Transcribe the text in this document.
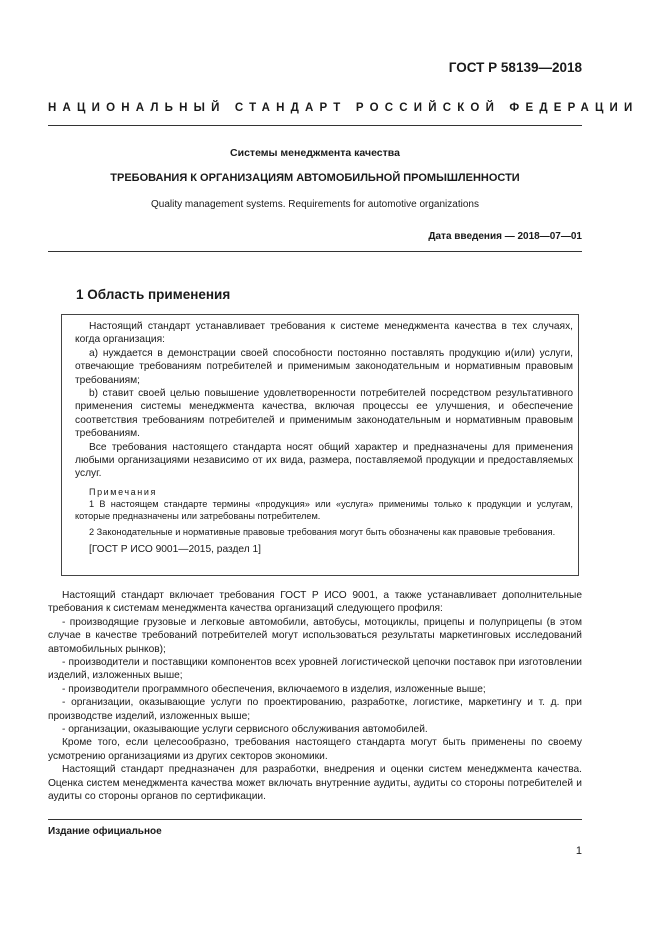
ГОСТ Р 58139—2018
НАЦИОНАЛЬНЫЙ СТАНДАРТ РОССИЙСКОЙ ФЕДЕРАЦИИ
Системы менеджмента качества
ТРЕБОВАНИЯ К ОРГАНИЗАЦИЯМ АВТОМОБИЛЬНОЙ ПРОМЫШЛЕННОСТИ
Quality management systems. Requirements for automotive organizations
Дата введения — 2018—07—01
1 Область применения

Настоящий стандарт устанавливает требования к системе менеджмента качества в тех случаях, когда организация:

a) нуждается в демонстрации своей способности постоянно поставлять продукцию и(или) услуги, отвечающие требованиям потребителей и применимым законодательным и нормативным правовым требованиям;

b) ставит своей целью повышение удовлетворенности потребителей посредством результативного применения системы менеджмента качества, включая процессы ее улучшения, и обеспечение соответствия требованиям потребителей и применимым законодательным и нормативным правовым требованиям.

Все требования настоящего стандарта носят общий характер и предназначены для применения любыми организациями независимо от их вида, размера, поставляемой продукции и предоставляемых услуг.

Примечания

1 В настоящем стандарте термины «продукция» или «услуга» применимы только к продукции и услугам, которые предназначены или затребованы потребителем.

2 Законодательные и нормативные правовые требования могут быть обозначены как правовые требования.

[ГОСТ Р ИСО 9001—2015, раздел 1]

Настоящий стандарт включает требования ГОСТ Р ИСО 9001, а также устанавливает дополнительные требования к системам менеджмента качества организаций следующего профиля:

- производящие грузовые и легковые автомобили, автобусы, мотоциклы, прицепы и полуприцепы (в этом случае в качестве требований потребителей могут использоваться результаты маркетинговых исследований автомобильных рынков);

- производители и поставщики компонентов всех уровней логистической цепочки поставок при изготовлении изделий, изложенных выше;

- производители программного обеспечения, включаемого в изделия, изложенные выше;

- организации, оказывающие услуги по проектированию, разработке, логистике, маркетингу и т. д. при производстве изделий, изложенных выше;

- организации, оказывающие услуги сервисного обслуживания автомобилей.

Кроме того, если целесообразно, требования настоящего стандарта могут быть применены по своему усмотрению организациями из других секторов экономики.

Настоящий стандарт предназначен для разработки, внедрения и оценки систем менеджмента качества. Оценка систем менеджмента качества может включать внутренние аудиты, аудиты со стороны потребителей и аудиты со стороны органов по сертификации.

Издание официальное
1
